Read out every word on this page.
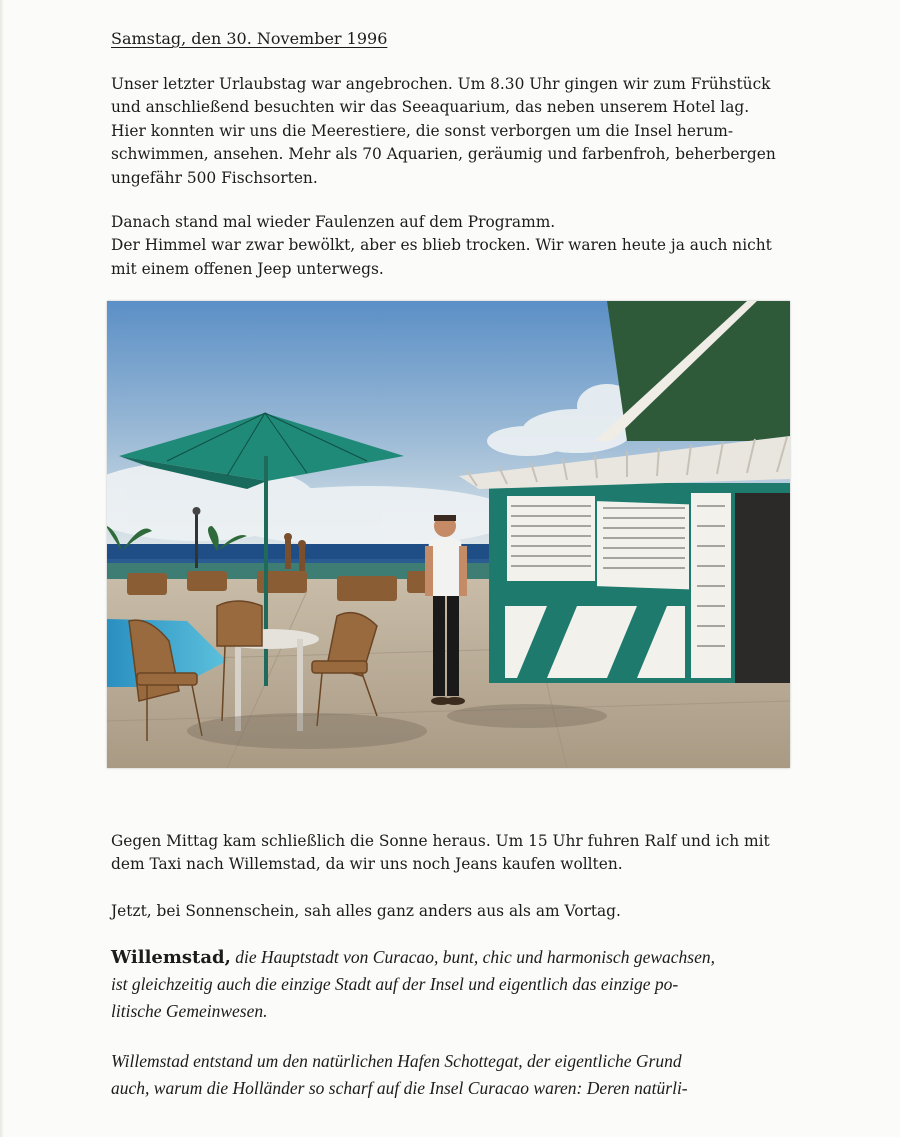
Samstag, den 30. November 1996
Unser letzter Urlaubstag war angebrochen. Um 8.30 Uhr gingen wir zum Frühstück
und anschließend besuchten wir das Seeaquarium, das neben unserem Hotel lag.
Hier konnten wir uns die Meerestiere, die sonst verborgen um die Insel herum-
schwimmen, ansehen. Mehr als 70 Aquarien, geräumig und farbenfroh, beherbergen
ungefähr 500 Fischsorten.
Danach stand mal wieder Faulenzen auf dem Programm.
Der Himmel war zwar bewölkt, aber es blieb trocken. Wir waren heute ja auch nicht
mit einem offenen Jeep unterwegs.
Gegen Mittag kam schließlich die Sonne heraus. Um 15 Uhr fuhren Ralf und ich mit
dem Taxi nach Willemstad, da wir uns noch Jeans kaufen wollten.
Jetzt, bei Sonnenschein, sah alles ganz anders aus als am Vortag.
Willemstad, die Hauptstadt von Curacao, bunt, chic und harmonisch gewachsen,
ist gleichzeitig auch die einzige Stadt auf der Insel und eigentlich das einzige po-
litische Gemeinwesen.
Willemstad entstand um den natürlichen Hafen Schottegat, der eigentliche Grund
auch, warum die Holländer so scharf auf die Insel Curacao waren: Deren natürli-
